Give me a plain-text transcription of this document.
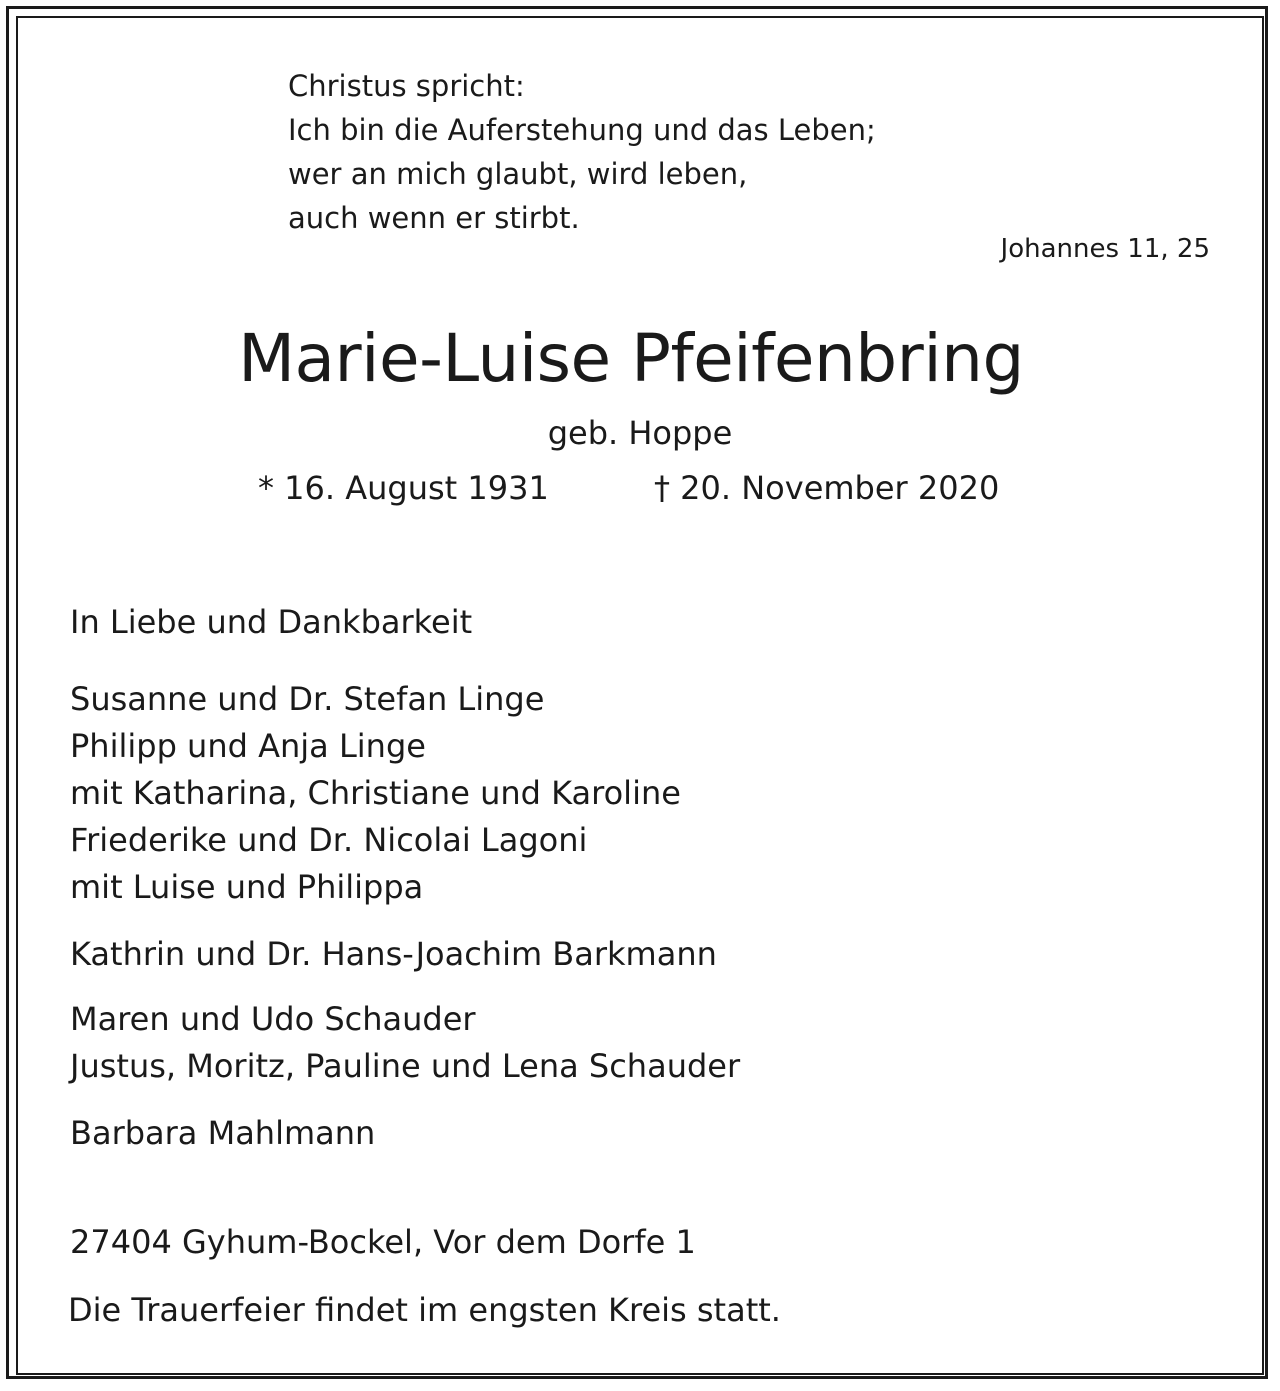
Christus spricht:
Ich bin die Auferstehung und das Leben;
wer an mich glaubt, wird leben,
auch wenn er stirbt.
Johannes 11, 25
Marie-Luise Pfeifenbring
geb. Hoppe
* 16. August 1931	† 20. November 2020
In Liebe und Dankbarkeit
Susanne und Dr. Stefan Linge
Philipp und Anja Linge
mit Katharina, Christiane und Karoline
Friederike und Dr. Nicolai Lagoni
mit Luise und Philippa
Kathrin und Dr. Hans-Joachim Barkmann
Maren und Udo Schauder
Justus, Moritz, Pauline und Lena Schauder
Barbara Mahlmann
27404 Gyhum-Bockel, Vor dem Dorfe 1
Die Trauerfeier findet im engsten Kreis statt.
